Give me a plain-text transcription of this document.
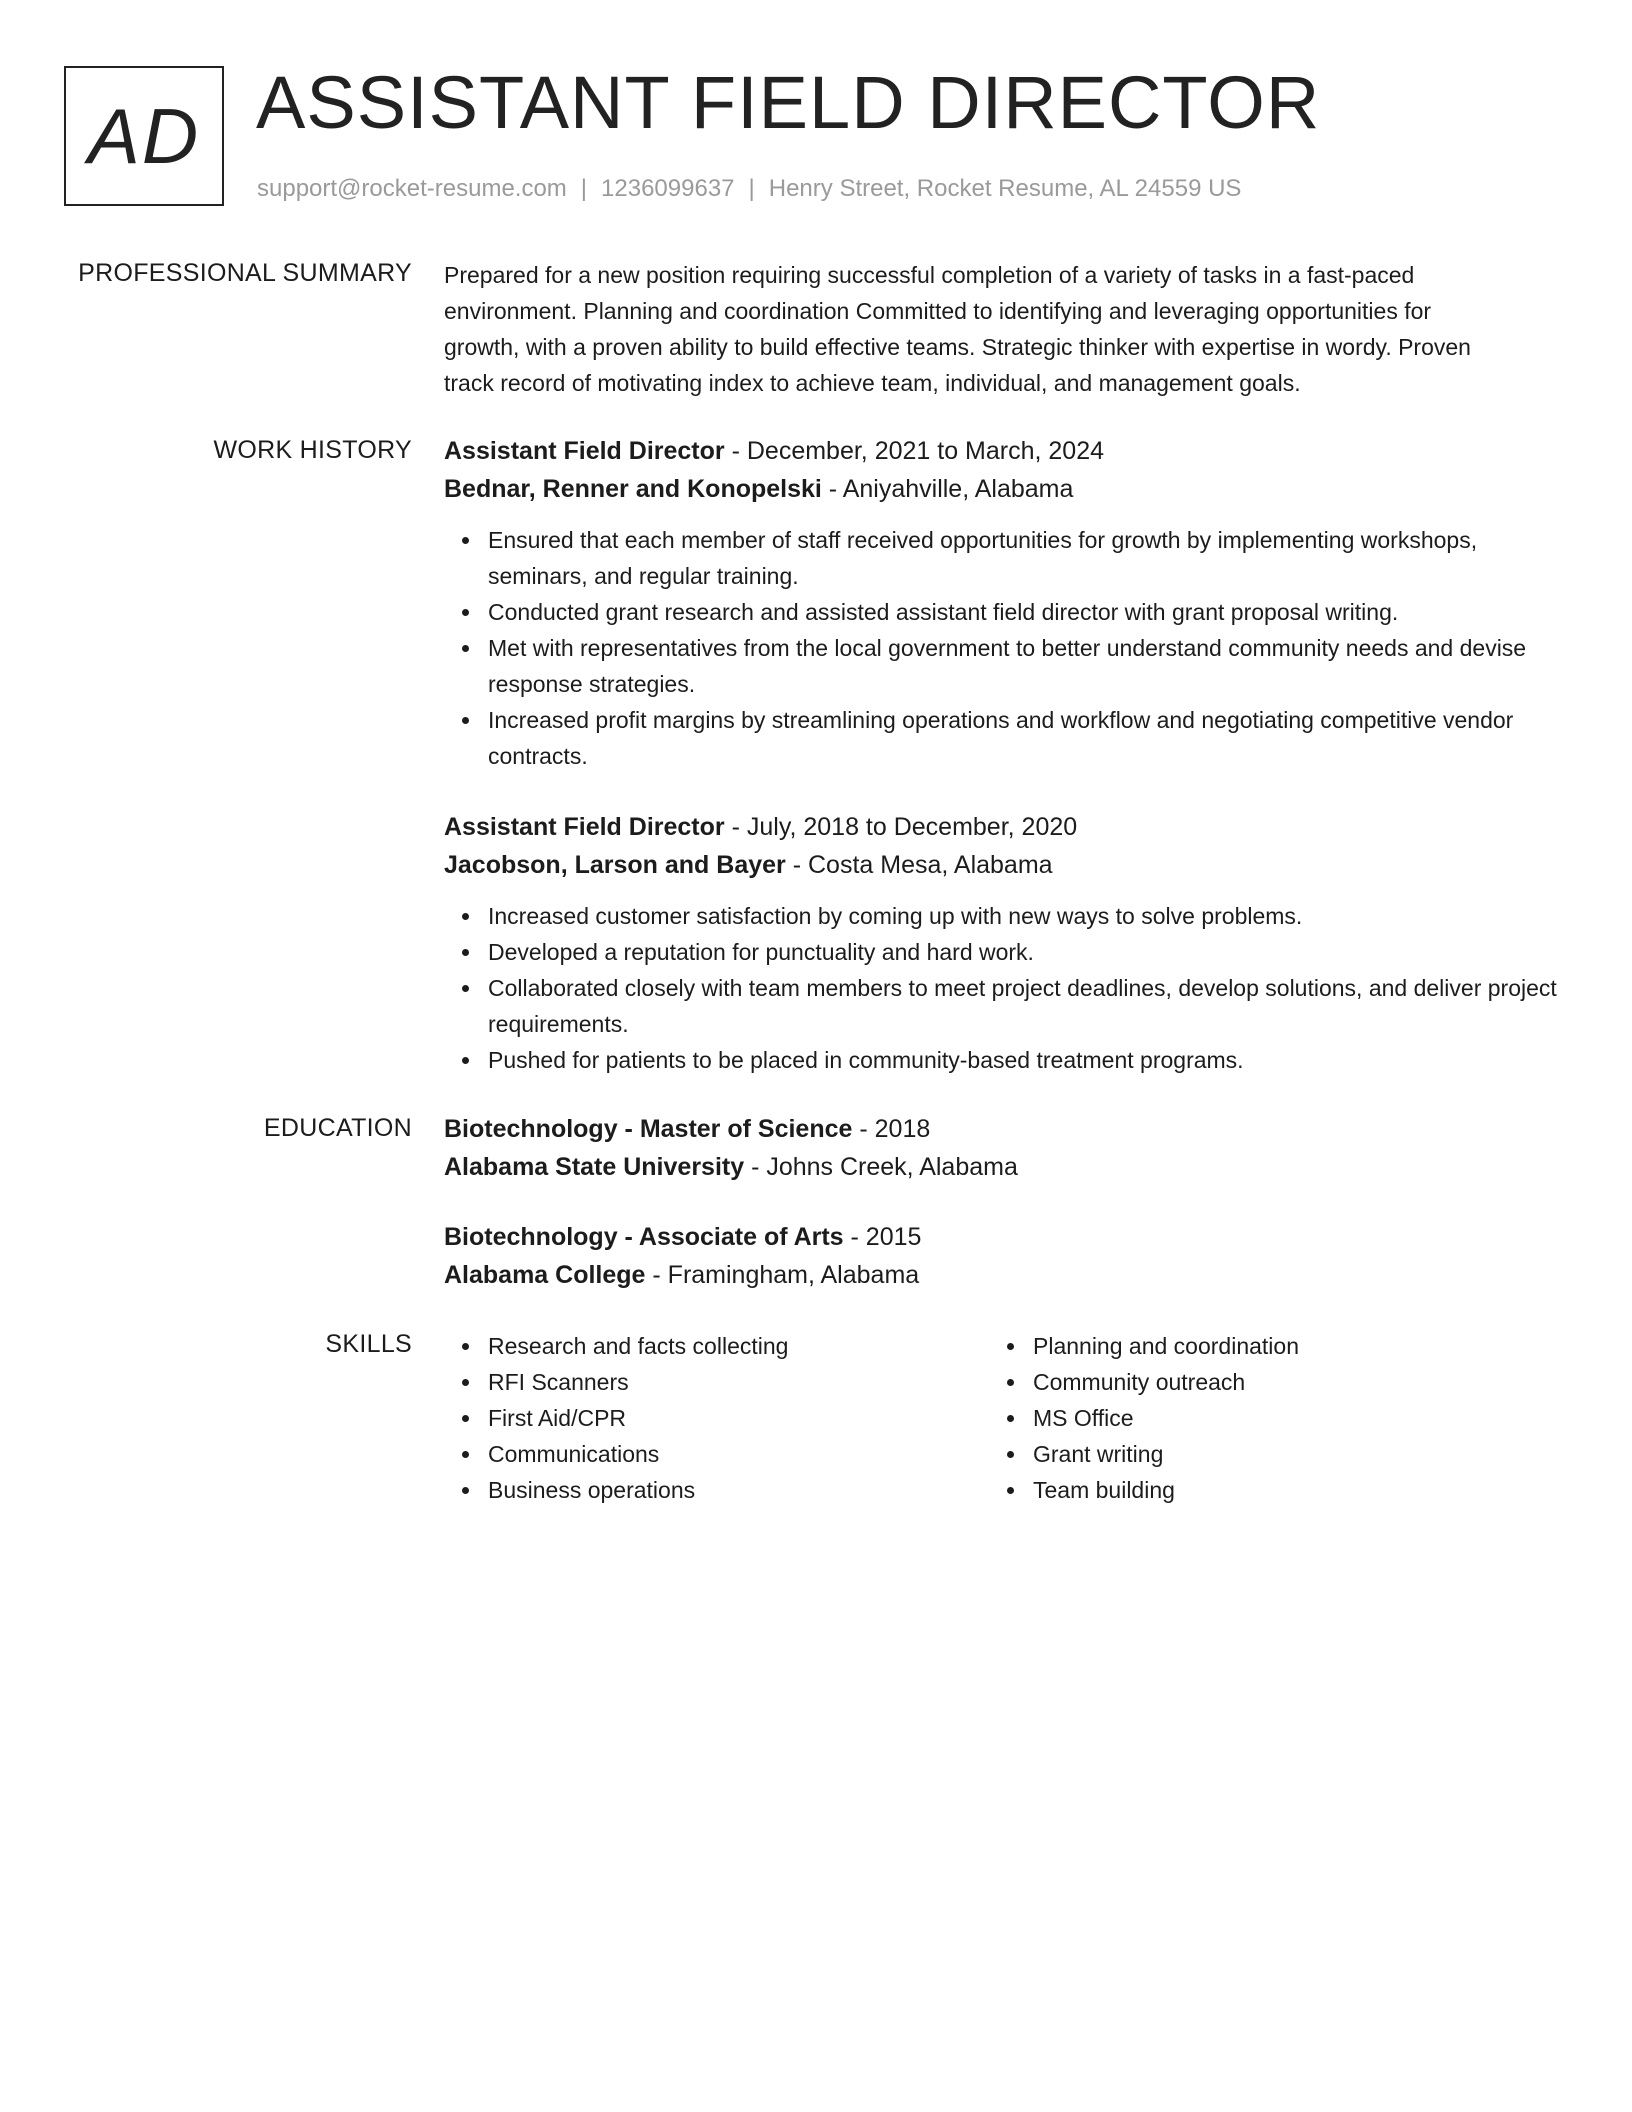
AD ASSISTANT FIELD DIRECTOR
support@rocket-resume.com | 1236099637 | Henry Street, Rocket Resume, AL 24559 US
PROFESSIONAL SUMMARY Prepared for a new position requiring successful completion of a variety of tasks in a fast-paced
environment. Planning and coordination Committed to identifying and leveraging opportunities for
growth, with a proven ability to build effective teams. Strategic thinker with expertise in wordy. Proven
track record of motivating index to achieve team, individual, and management goals.
WORK HISTORY Assistant Field Director - December, 2021 to March, 2024
Bednar, Renner and Konopelski - Aniyahville, Alabama
Ensured that each member of staff received opportunities for growth by implementing workshops, seminars, and regular training.
Conducted grant research and assisted assistant field director with grant proposal writing.
Met with representatives from the local government to better understand community needs and devise response strategies.
Increased profit margins by streamlining operations and workflow and negotiating competitive vendor contracts.
Assistant Field Director - July, 2018 to December, 2020
Jacobson, Larson and Bayer - Costa Mesa, Alabama
Increased customer satisfaction by coming up with new ways to solve problems.
Developed a reputation for punctuality and hard work.
Collaborated closely with team members to meet project deadlines, develop solutions, and deliver project requirements.
Pushed for patients to be placed in community-based treatment programs.
EDUCATION Biotechnology - Master of Science - 2018
Alabama State University - Johns Creek, Alabama
Biotechnology - Associate of Arts - 2015
Alabama College - Framingham, Alabama
SKILLS	Research and facts collecting
RFI Scanners
First Aid/CPR
Communications
Business operations
Planning and coordination
Community outreach
MS Office
Grant writing
Team building
